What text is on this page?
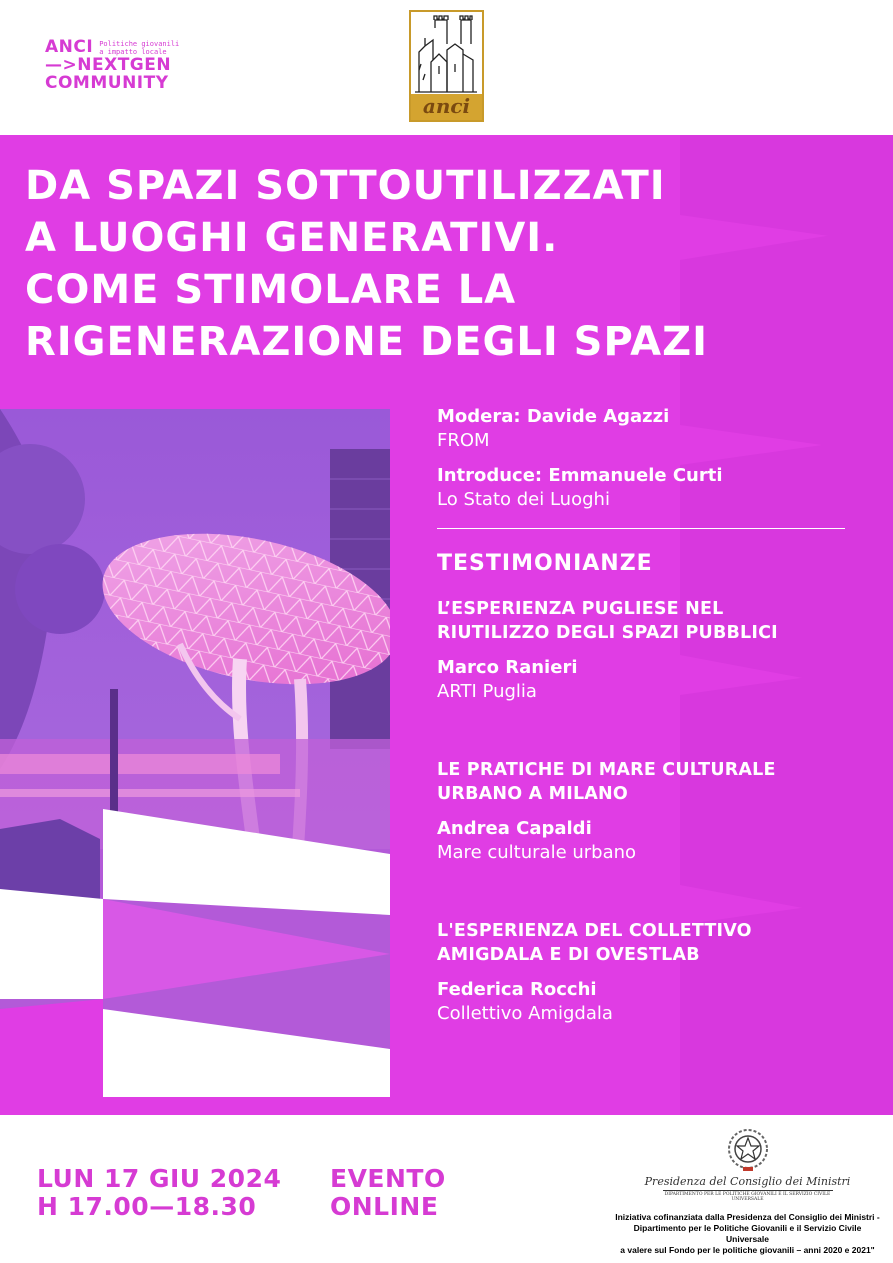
ANCI Politiche giovanili
a impatto locale
—>NEXTGEN
COMMUNITY
anci
DA SPAZI SOTTOUTILIZZATI
A LUOGHI GENERATIVI.
COME STIMOLARE LA
RIGENERAZIONE DEGLI SPAZI
Modera: Davide Agazzi
FROM
Introduce: Emmanuele Curti
Lo Stato dei Luoghi
TESTIMONIANZE
L’ESPERIENZA PUGLIESE NEL
RIUTILIZZO DEGLI SPAZI PUBBLICI
Marco Ranieri
ARTI Puglia
LE PRATICHE DI MARE CULTURALE
URBANO A MILANO
Andrea Capaldi
Mare culturale urbano
L'ESPERIENZA DEL COLLETTIVO
AMIGDALA E DI OVESTLAB
Federica Rocchi
Collettivo Amigdala
LUN 17 GIU 2024
H 17.00—18.30
EVENTO
ONLINE
Presidenza del Consiglio dei Ministri
DIPARTIMENTO PER LE POLITICHE GIOVANILI E IL SERVIZIO CIVILE UNIVERSALE
Iniziativa cofinanziata dalla Presidenza del Consiglio dei Ministri -
Dipartimento per le Politiche Giovanili e il Servizio Civile Universale
a valere sul Fondo per le politiche giovanili – anni 2020 e 2021"
